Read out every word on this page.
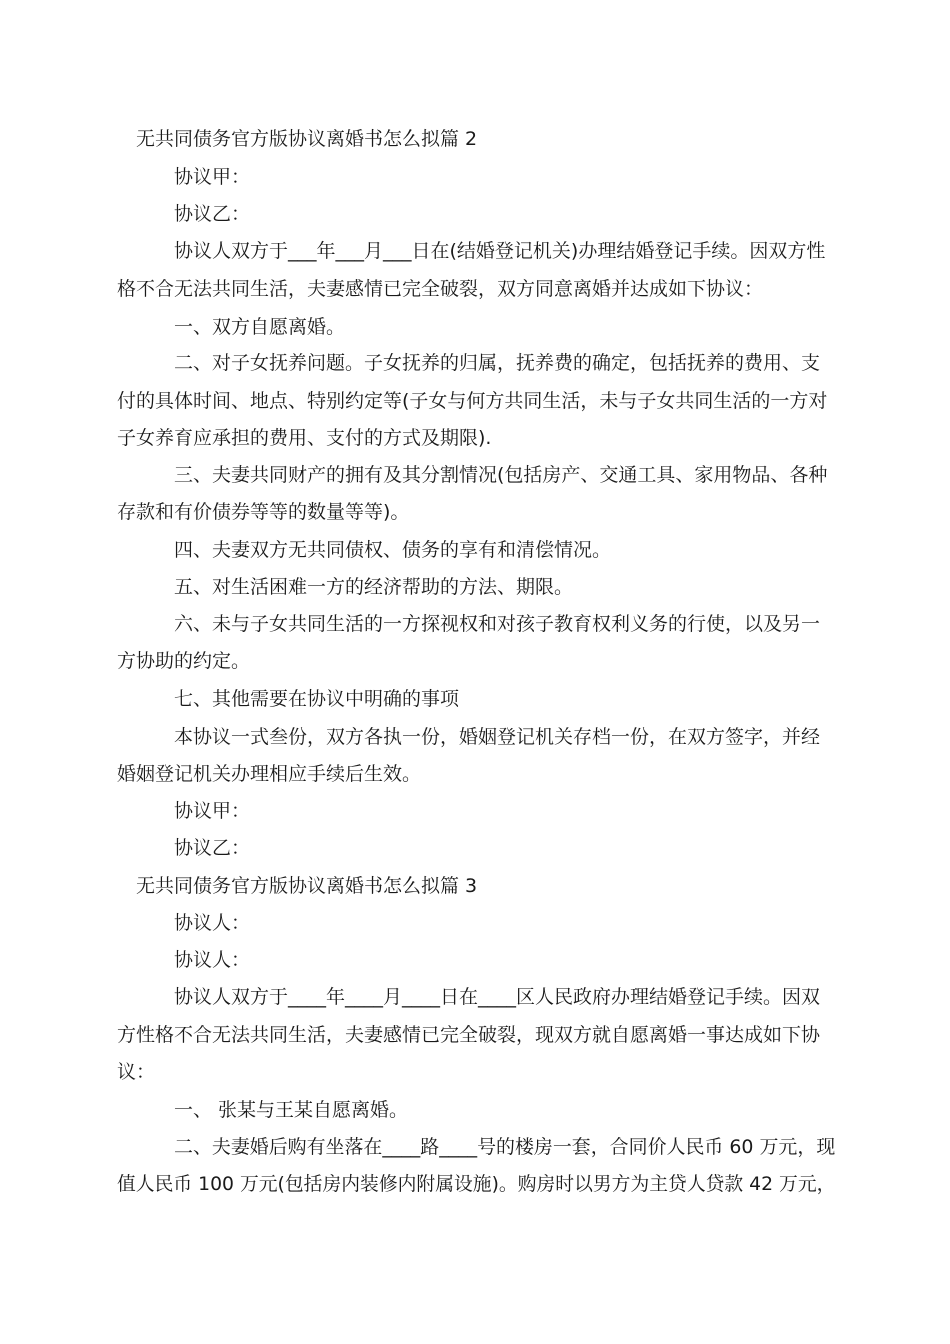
无共同债务官方版协议离婚书怎么拟篇 2
协议甲：
协议乙：
协议人双方于___年___月___日在(结婚登记机关)办理结婚登记手续。因双方性
格不合无法共同生活，夫妻感情已完全破裂，双方同意离婚并达成如下协议：
一、双方自愿离婚。
二、对子女抚养问题。子女抚养的归属，抚养费的确定，包括抚养的费用、支
付的具体时间、地点、特别约定等(子女与何方共同生活，未与子女共同生活的一方对
子女养育应承担的费用、支付的方式及期限).
三、夫妻共同财产的拥有及其分割情况(包括房产、交通工具、家用物品、各种
存款和有价债券等等的数量等等)。
四、夫妻双方无共同债权、债务的享有和清偿情况。
五、对生活困难一方的经济帮助的方法、期限。
六、未与子女共同生活的一方探视权和对孩子教育权利义务的行使，以及另一
方协助的约定。
七、其他需要在协议中明确的事项
本协议一式叁份，双方各执一份，婚姻登记机关存档一份，在双方签字，并经
婚姻登记机关办理相应手续后生效。
协议甲：
协议乙：
无共同债务官方版协议离婚书怎么拟篇 3
协议人：
协议人：
协议人双方于____年____月____日在____区人民政府办理结婚登记手续。因双
方性格不合无法共同生活，夫妻感情已完全破裂，现双方就自愿离婚一事达成如下协
议：
一、 张某与王某自愿离婚。
二、夫妻婚后购有坐落在____路____号的楼房一套，合同价人民币 60 万元，现
值人民币 100 万元(包括房内装修内附属设施)。购房时以男方为主贷人贷款 42 万元，
